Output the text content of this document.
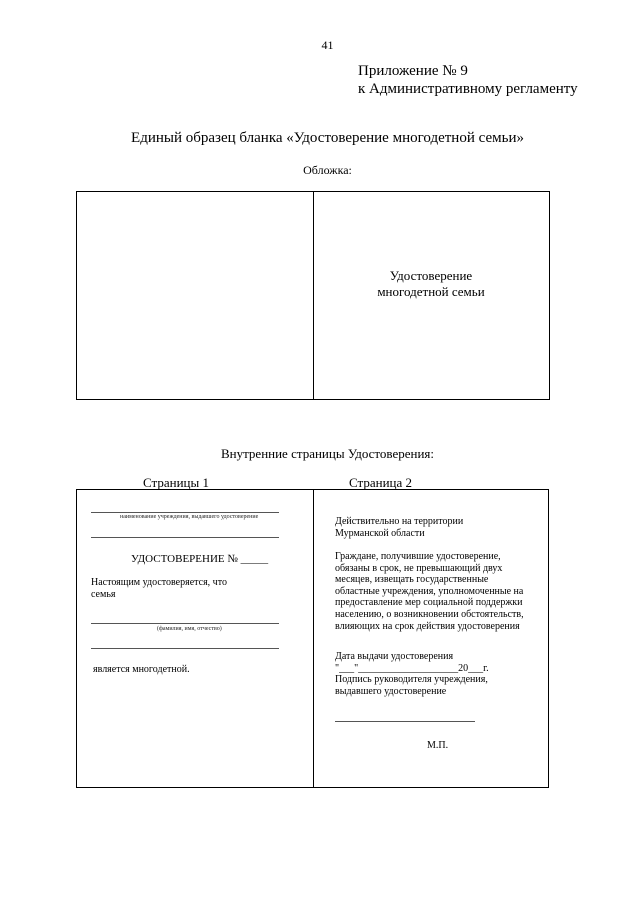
41
Приложение № 9
к Административному регламенту
Единый образец бланка «Удостоверение многодетной семьи»
Обложка:
Удостоверение
многодетной семьи
Внутренние страницы Удостоверения:
Страницы 1	Страница 2
наименование учреждения, выдавшего удостоверение
УДОСТОВЕРЕНИЕ № _____
Настоящим удостоверяется, что
семья
(фамилия, имя, отчество)
является многодетной.
Действительно на территории
Мурманской области
Граждане, получившие удостоверение,
обязаны в срок, не превышающий двух
месяцев, извещать государственные
областные учреждения, уполномоченные на
предоставление мер социальной поддержки
населению, о возникновении обстоятельств,
влияющих на срок действия удостоверения
Дата выдачи удостоверения
"___"____________________20___г.
Подпись руководителя учреждения,
выдавшего удостоверение
М.П.
